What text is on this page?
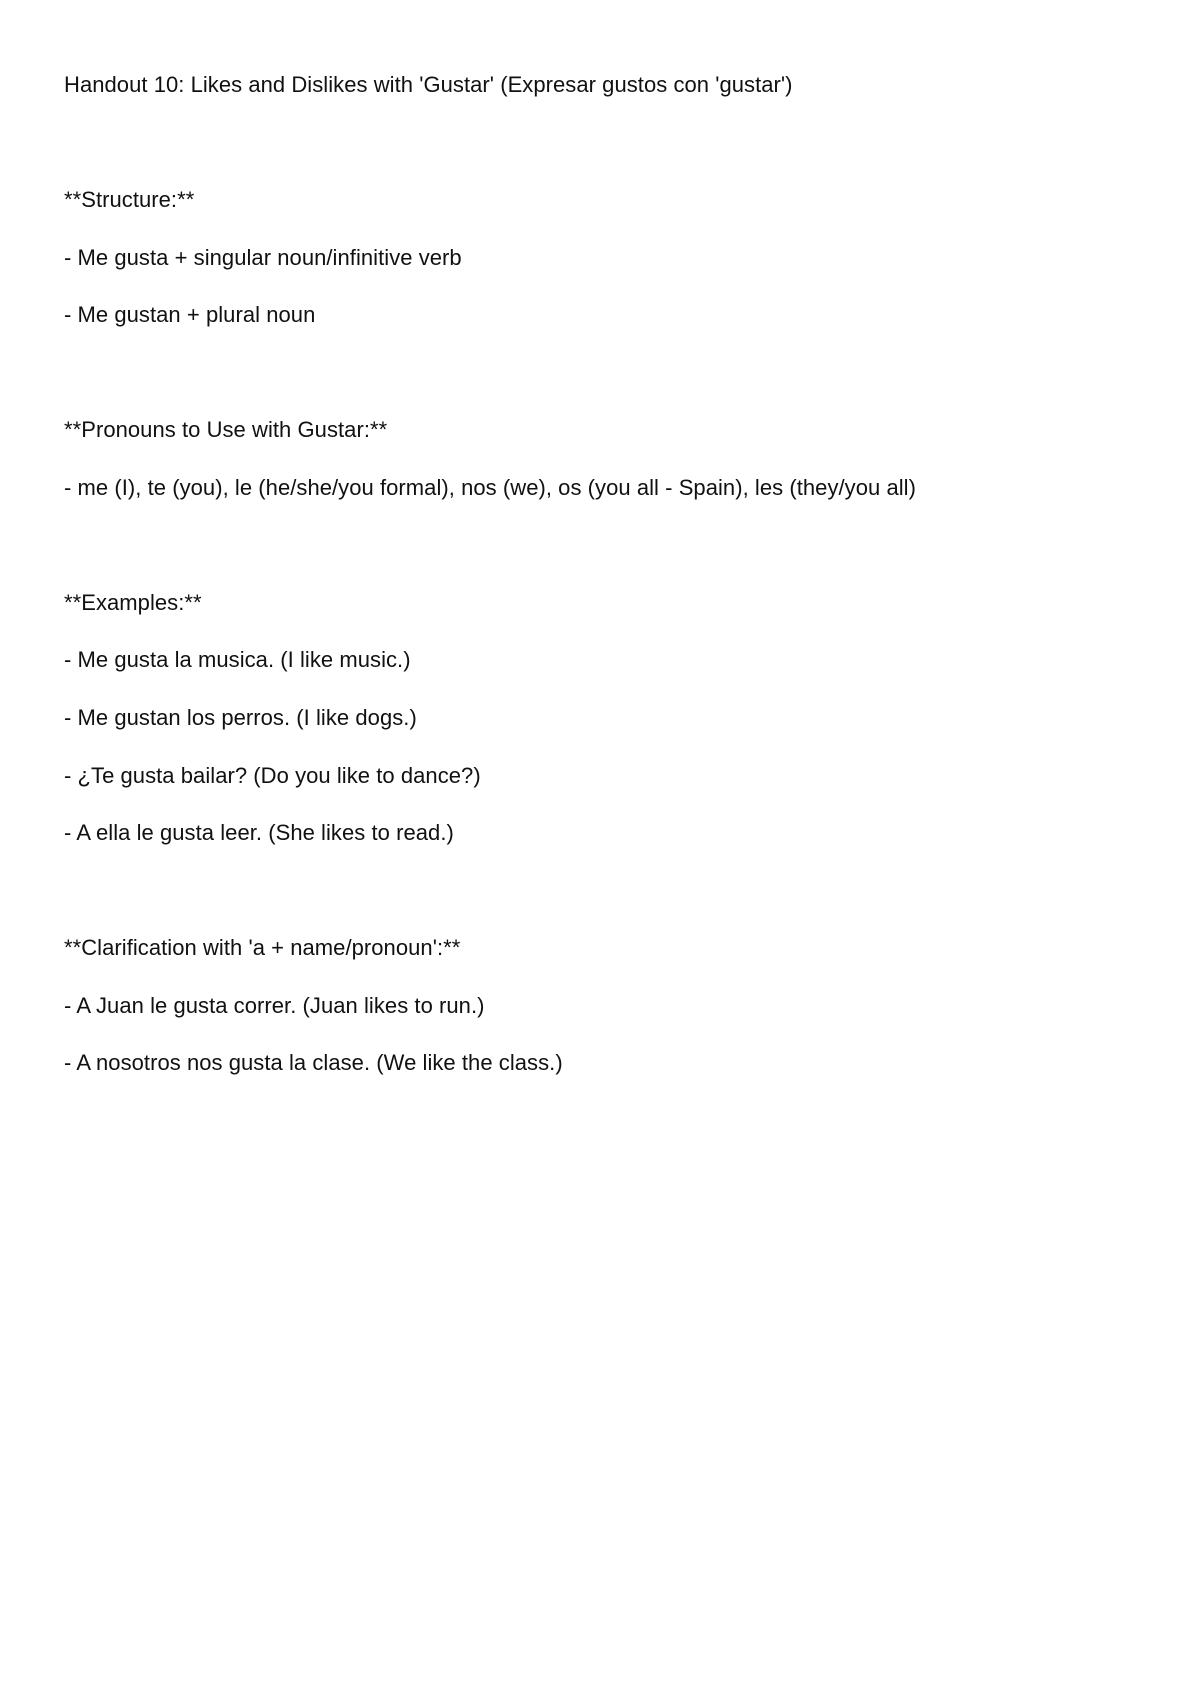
Handout 10: Likes and Dislikes with 'Gustar' (Expresar gustos con 'gustar')
**Structure:**
- Me gusta + singular noun/infinitive verb
- Me gustan + plural noun
**Pronouns to Use with Gustar:**
- me (I), te (you), le (he/she/you formal), nos (we), os (you all - Spain), les (they/you all)
**Examples:**
- Me gusta la musica. (I like music.)
- Me gustan los perros. (I like dogs.)
- ¿Te gusta bailar? (Do you like to dance?)
- A ella le gusta leer. (She likes to read.)
**Clarification with 'a + name/pronoun':**
- A Juan le gusta correr. (Juan likes to run.)
- A nosotros nos gusta la clase. (We like the class.)
